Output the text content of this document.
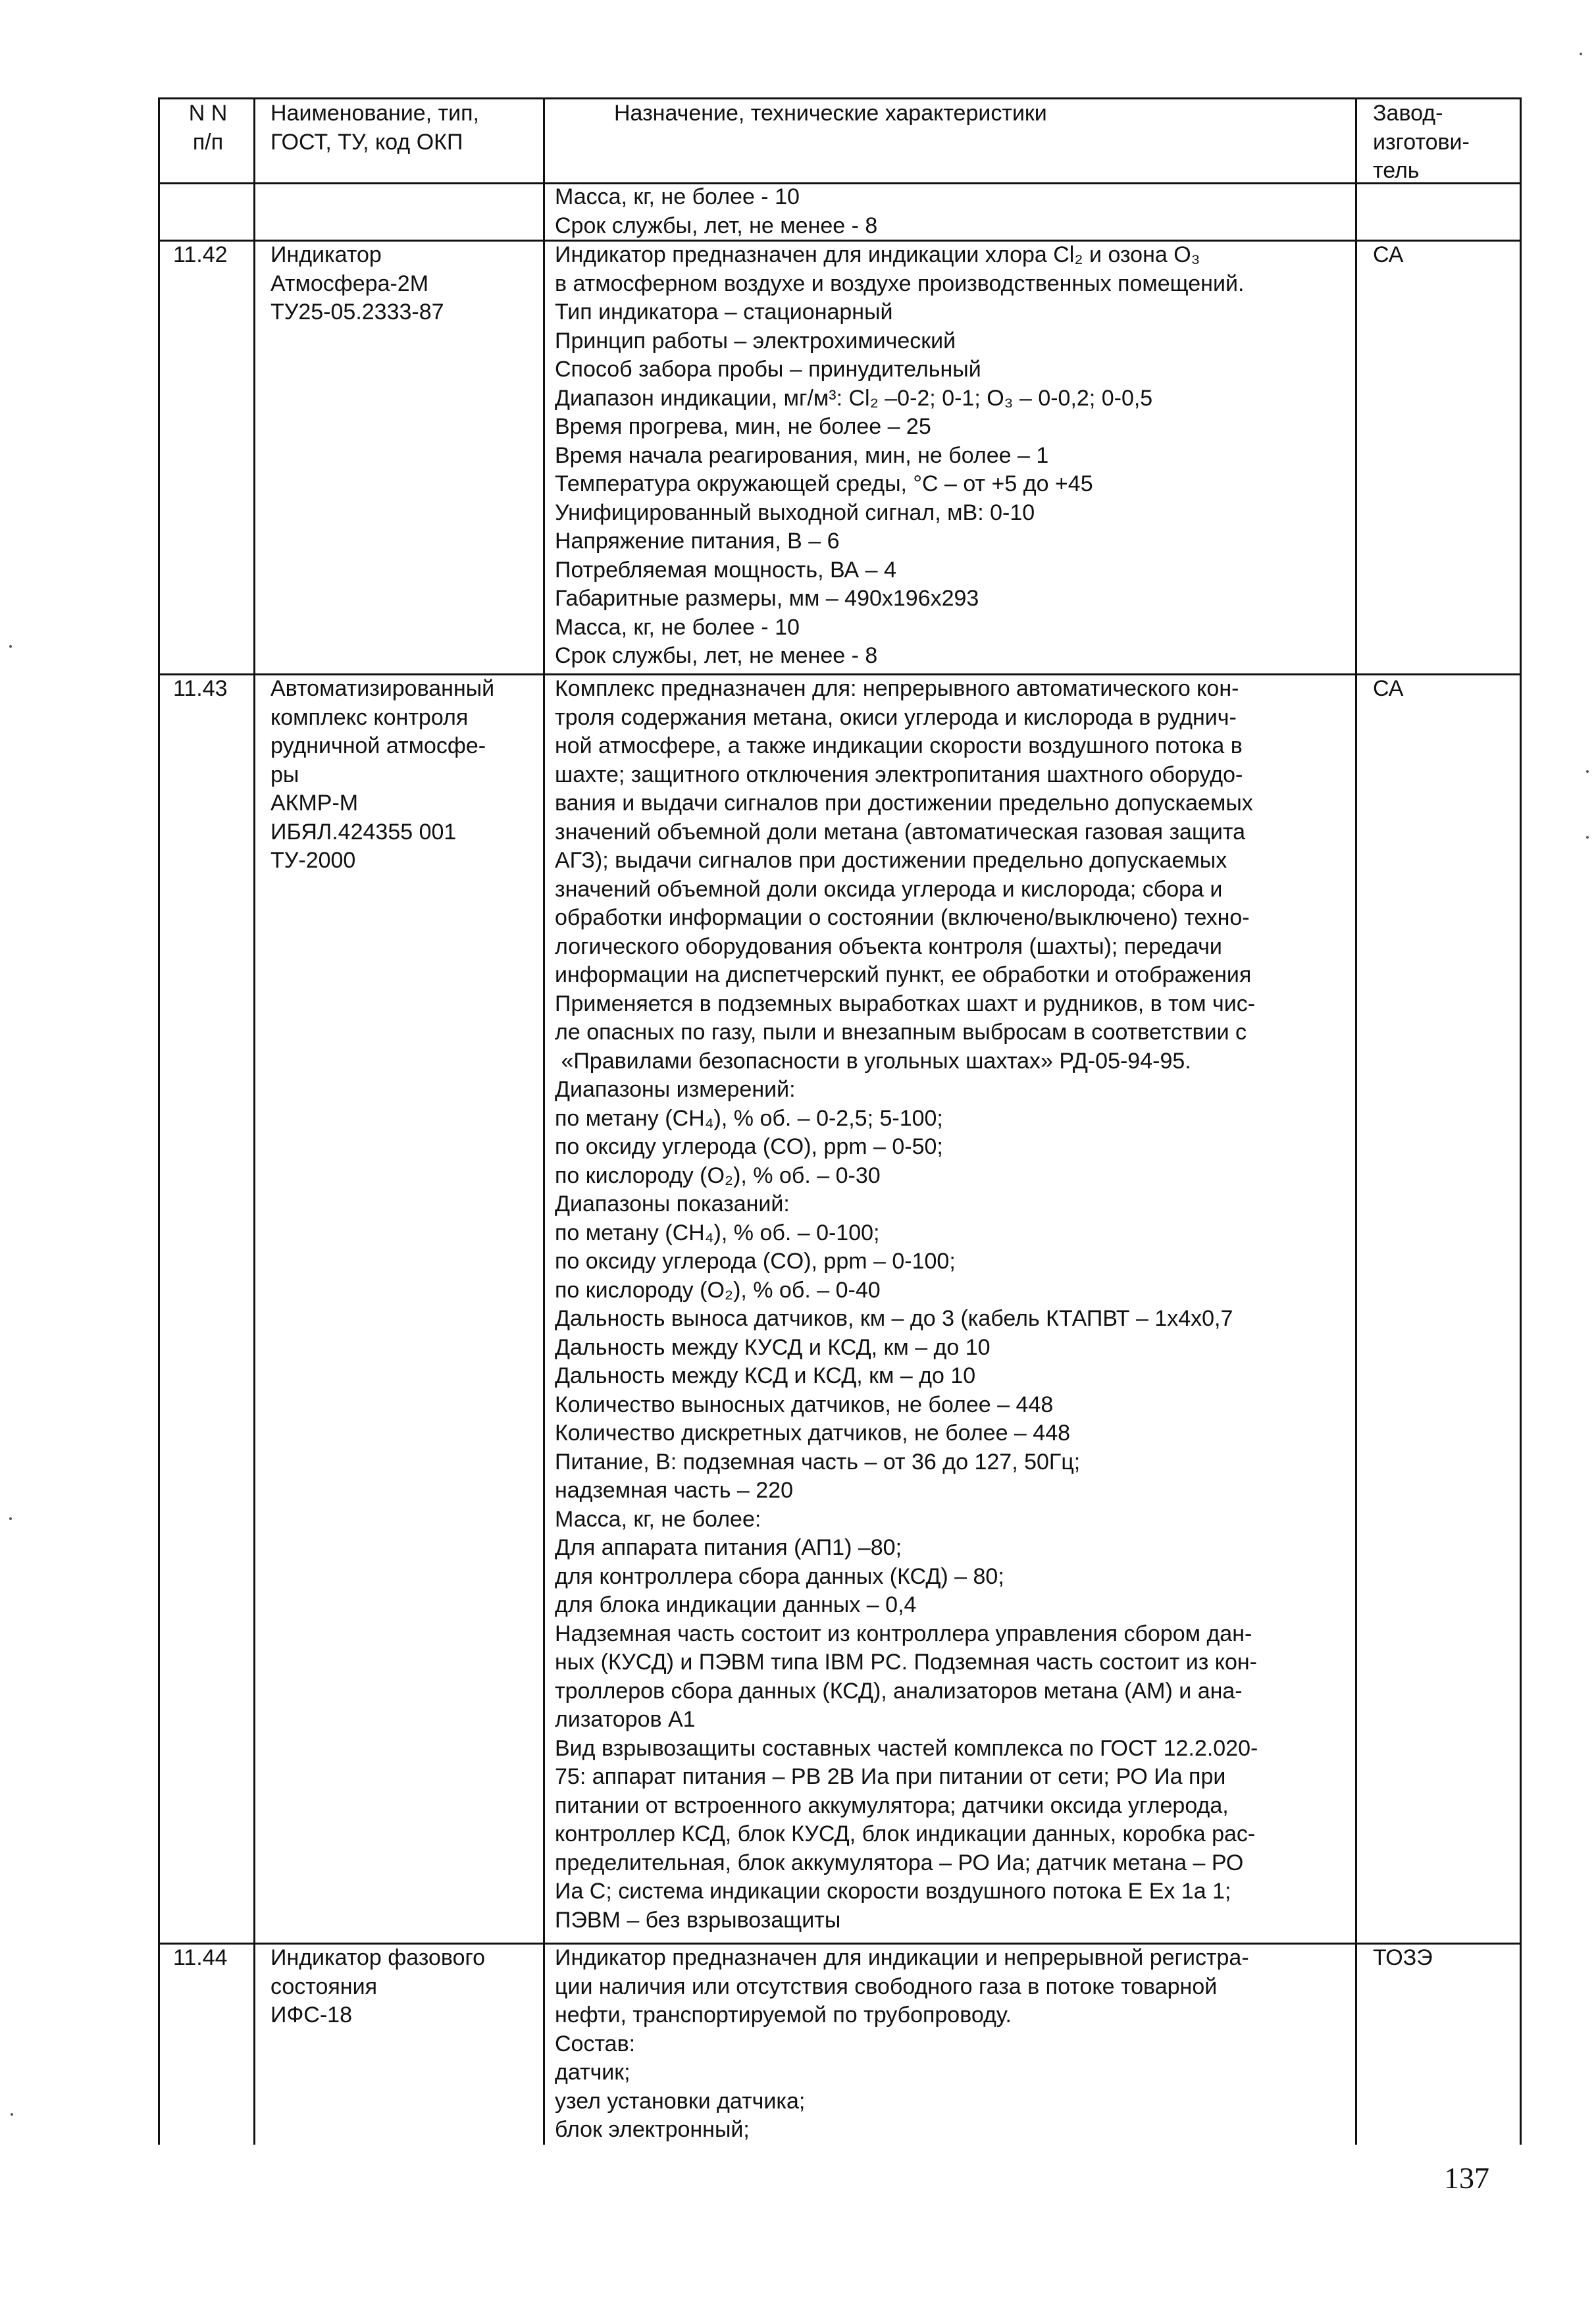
N N
п/п
Наименование, тип,
ГОСТ, ТУ, код ОКП
Назначение, технические характеристики	Завод-
изготови-
тель
Масса, кг, не более - 10
Срок службы, лет, не менее - 8
11.42 Индикатор
Атмосфера-2М
ТУ25-05.2333-87
Индикатор предназначен для индикации хлора Cl₂ и озона O₃
в атмосферном воздухе и воздухе производственных помещений.
Тип индикатора – стационарный
Принцип работы – электрохимический
Способ забора пробы – принудительный
Диапазон индикации, мг/м³: Cl₂ –0-2; 0-1; O₃ – 0-0,2; 0-0,5
Время прогрева, мин, не более – 25
Время начала реагирования, мин, не более – 1
Температура окружающей среды, °С – от +5 до +45
Унифицированный выходной сигнал, мВ: 0-10
Напряжение питания, В – 6
Потребляемая мощность, ВА – 4
Габаритные размеры, мм – 490x196x293
Масса, кг, не более - 10
Срок службы, лет, не менее - 8
СА
11.43 Автоматизированный
комплекс контроля
рудничной атмосфе-
ры
АКМР-М
ИБЯЛ.424355 001
ТУ-2000
Комплекс предназначен для: непрерывного автоматического кон-
троля содержания метана, окиси углерода и кислорода в руднич-
ной атмосфере, а также индикации скорости воздушного потока в
шахте; защитного отключения электропитания шахтного оборудо-
вания и выдачи сигналов при достижении предельно допускаемых
значений объемной доли метана (автоматическая газовая защита
АГЗ); выдачи сигналов при достижении предельно допускаемых
значений объемной доли оксида углерода и кислорода; сбора и
обработки информации о состоянии (включено/выключено) техно-
логического оборудования объекта контроля (шахты); передачи
информации на диспетчерский пункт, ее обработки и отображения
Применяется в подземных выработках шахт и рудников, в том чис-
ле опасных по газу, пыли и внезапным выбросам в соответствии с
«Правилами безопасности в угольных шахтах» РД-05-94-95.
Диапазоны измерений:
по метану (CH₄), % об. – 0-2,5; 5-100;
по оксиду углерода (CO), ppm – 0-50;
по кислороду (O₂), % об. – 0-30
Диапазоны показаний:
по метану (CH₄), % об. – 0-100;
по оксиду углерода (CO), ppm – 0-100;
по кислороду (O₂), % об. – 0-40
Дальность выноса датчиков, км – до 3 (кабель КТАПВТ – 1x4x0,7
Дальность между КУСД и КСД, км – до 10
Дальность между КСД и КСД, км – до 10
Количество выносных датчиков, не более – 448
Количество дискретных датчиков, не более – 448
Питание, В: подземная часть – от 36 до 127, 50Гц;
надземная часть – 220
Масса, кг, не более:
Для аппарата питания (АП1) –80;
для контроллера сбора данных (КСД) – 80;
для блока индикации данных – 0,4
Надземная часть состоит из контроллера управления сбором дан-
ных (КУСД) и ПЭВМ типа IBM PC. Подземная часть состоит из кон-
троллеров сбора данных (КСД), анализаторов метана (АМ) и ана-
лизаторов А1
Вид взрывозащиты составных частей комплекса по ГОСТ 12.2.020-
75: аппарат питания – РВ 2В Иа при питании от сети; РО Иа при
питании от встроенного аккумулятора; датчики оксида углерода,
контроллер КСД, блок КУСД, блок индикации данных, коробка рас-
пределительная, блок аккумулятора – РО Иа; датчик метана – РО
Иа С; система индикации скорости воздушного потока Е Ех 1а 1;
ПЭВМ – без взрывозащиты
СА
11.44 Индикатор фазового
состояния
ИФС-18
Индикатор предназначен для индикации и непрерывной регистра-
ции наличия или отсутствия свободного газа в потоке товарной
нефти, транспортируемой по трубопроводу.
Состав:
датчик;
узел установки датчика;
блок электронный;
ТОЗЭ
137
